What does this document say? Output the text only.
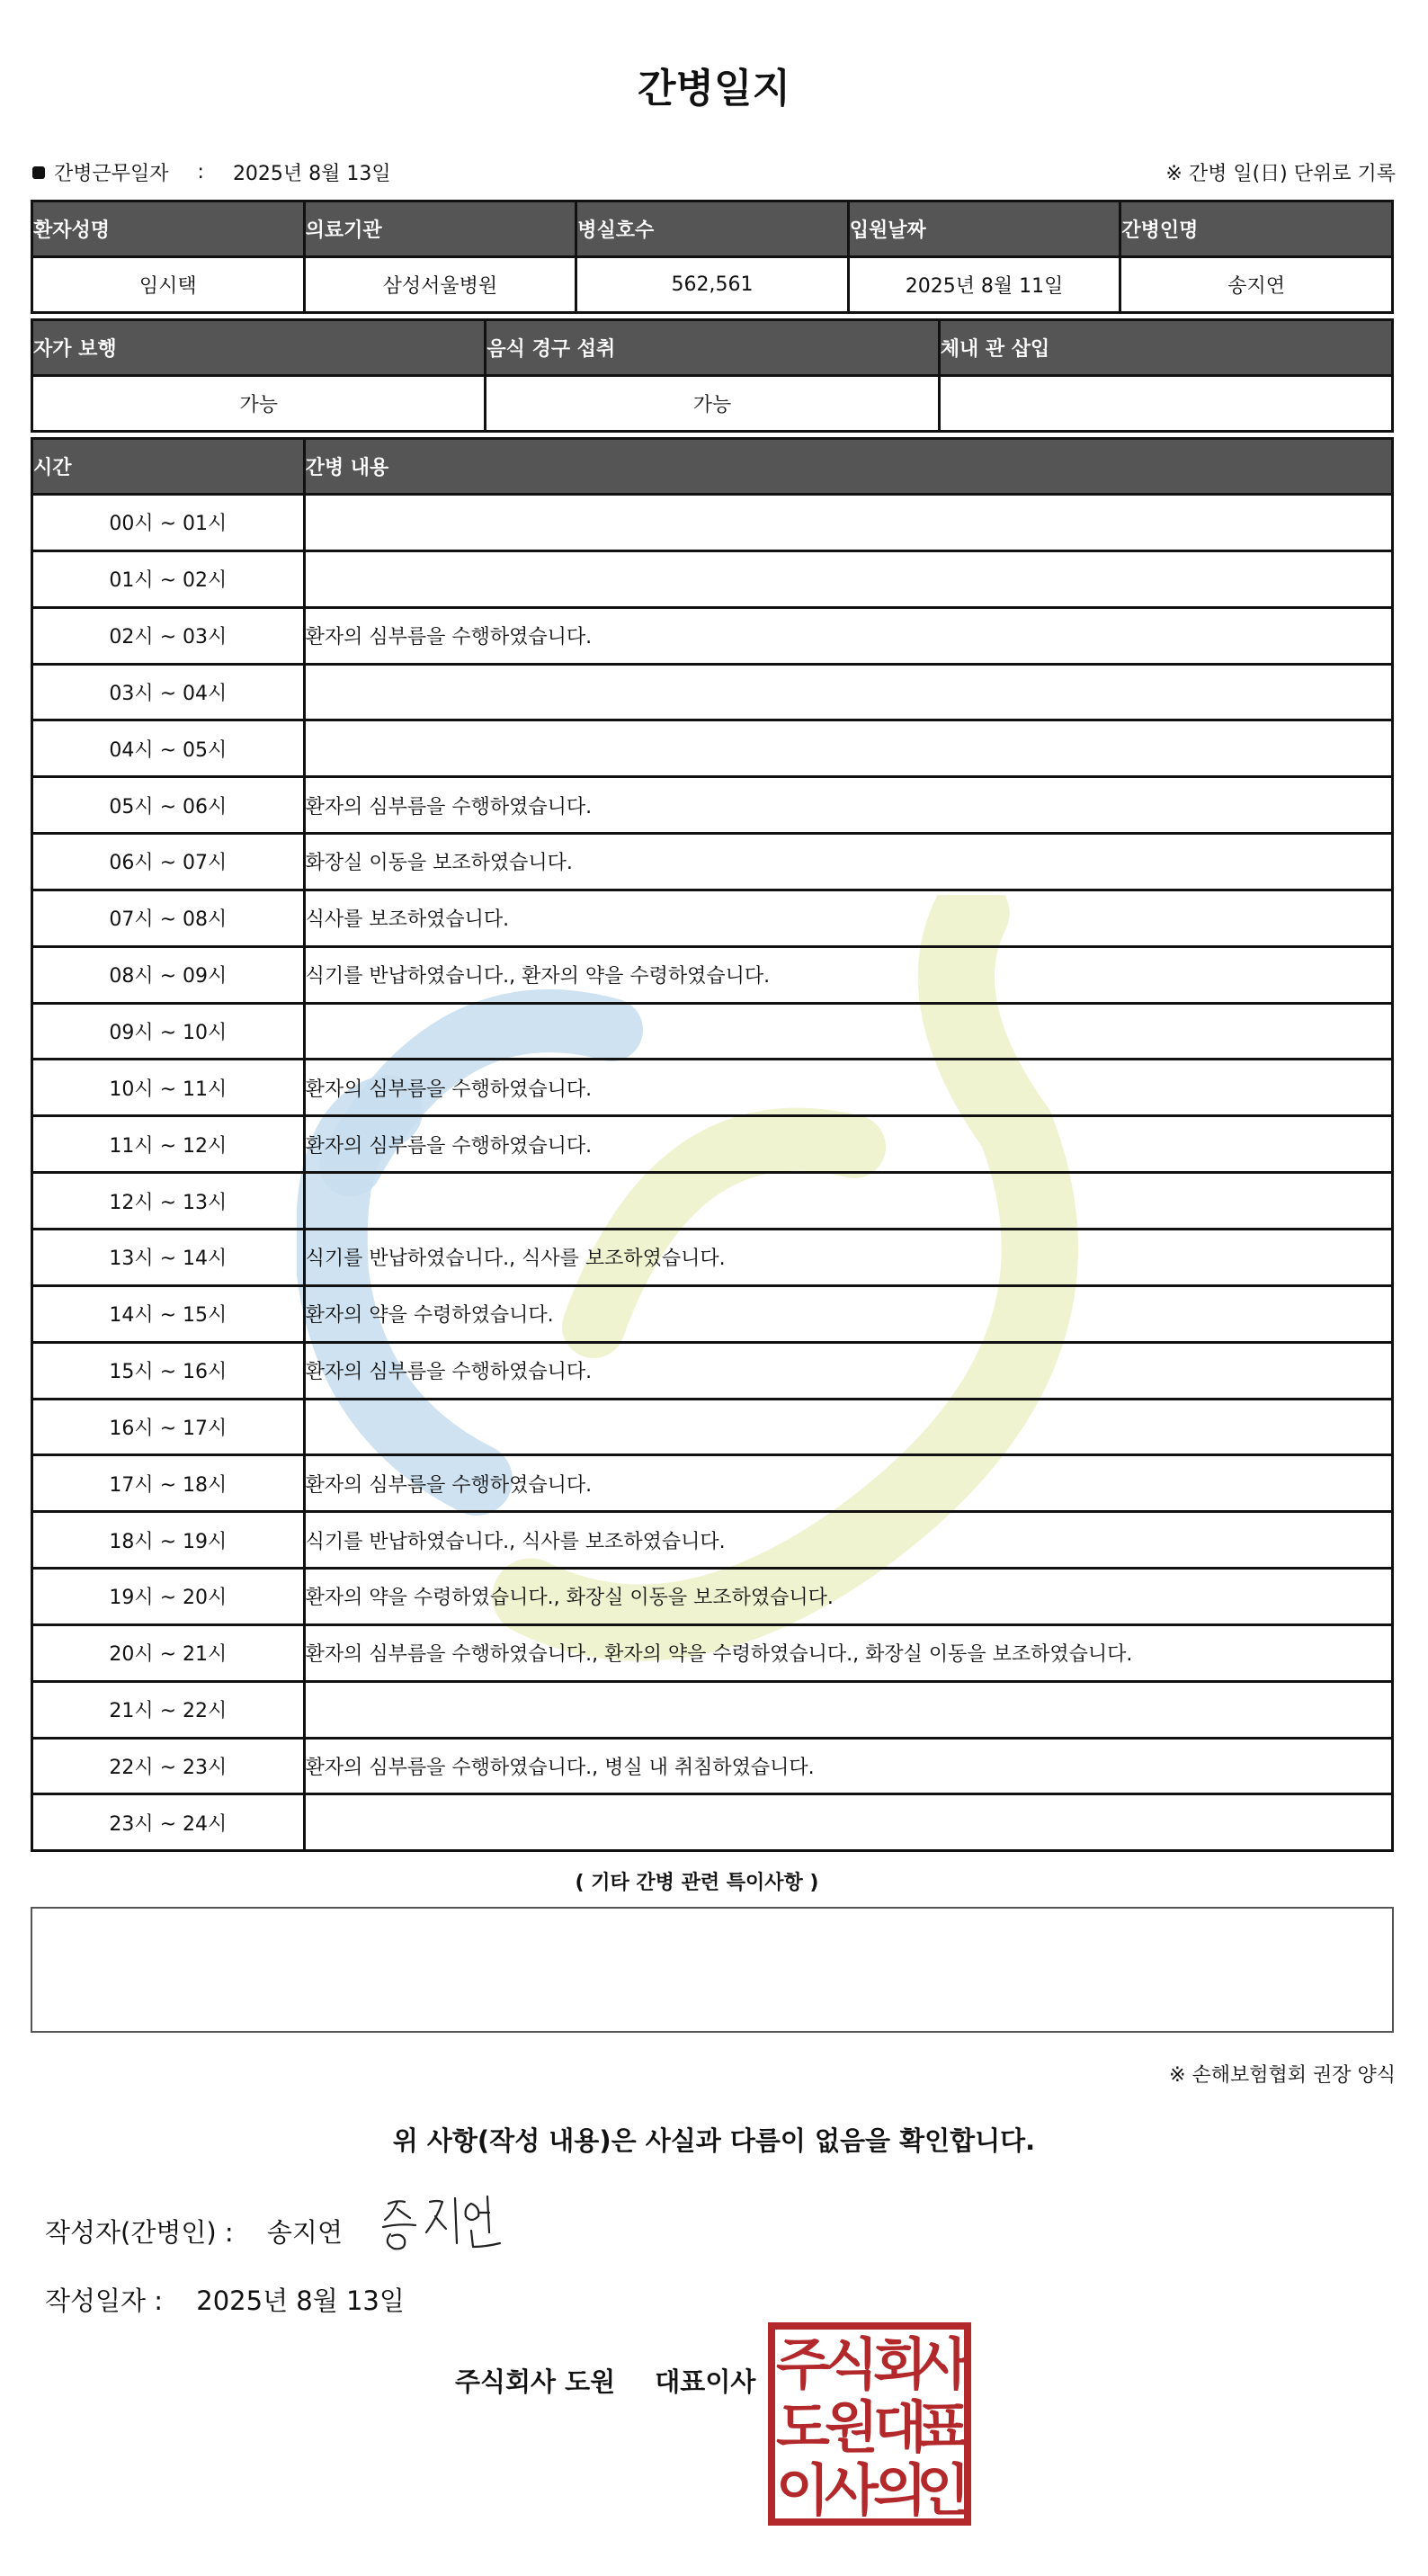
간병일지
간병근무일자 : 2025년 8월 13일	※ 간병 일(日) 단위로 기록
환자성명	의료기관	병실호수	입원날짜	간병인명
임시택	삼성서울병원	562,561	2025년 8월 11일	송지연
자가 보행	음식 경구 섭취	체내 관 삽입
가능	가능	
시간	간병 내용
00시 ~ 01시	
01시 ~ 02시	
02시 ~ 03시	환자의 심부름을 수행하였습니다.
03시 ~ 04시	
04시 ~ 05시	
05시 ~ 06시	환자의 심부름을 수행하였습니다.
06시 ~ 07시	화장실 이동을 보조하였습니다.
07시 ~ 08시	식사를 보조하였습니다.
08시 ~ 09시	식기를 반납하였습니다., 환자의 약을 수령하였습니다.
09시 ~ 10시	
10시 ~ 11시	환자의 심부름을 수행하였습니다.
11시 ~ 12시	환자의 심부름을 수행하였습니다.
12시 ~ 13시	
13시 ~ 14시	식기를 반납하였습니다., 식사를 보조하였습니다.
14시 ~ 15시	환자의 약을 수령하였습니다.
15시 ~ 16시	환자의 심부름을 수행하였습니다.
16시 ~ 17시	
17시 ~ 18시	환자의 심부름을 수행하였습니다.
18시 ~ 19시	식기를 반납하였습니다., 식사를 보조하였습니다.
19시 ~ 20시	환자의 약을 수령하였습니다., 화장실 이동을 보조하였습니다.
20시 ~ 21시	환자의 심부름을 수행하였습니다., 환자의 약을 수령하였습니다., 화장실 이동을 보조하였습니다.
21시 ~ 22시	
22시 ~ 23시	환자의 심부름을 수행하였습니다., 병실 내 취침하였습니다.
23시 ~ 24시	
( 기타 간병 관련 특이사항 )
※ 손해보험협회 권장 양식
위 사항(작성 내용)은 사실과 다름이 없음을 확인합니다.
작성자(간병인) : 송지연
작성일자 : 2025년 8월 13일
주식회사 도원 대표이사 주
식
회
사
도
원
대
표
이
사
의
인
